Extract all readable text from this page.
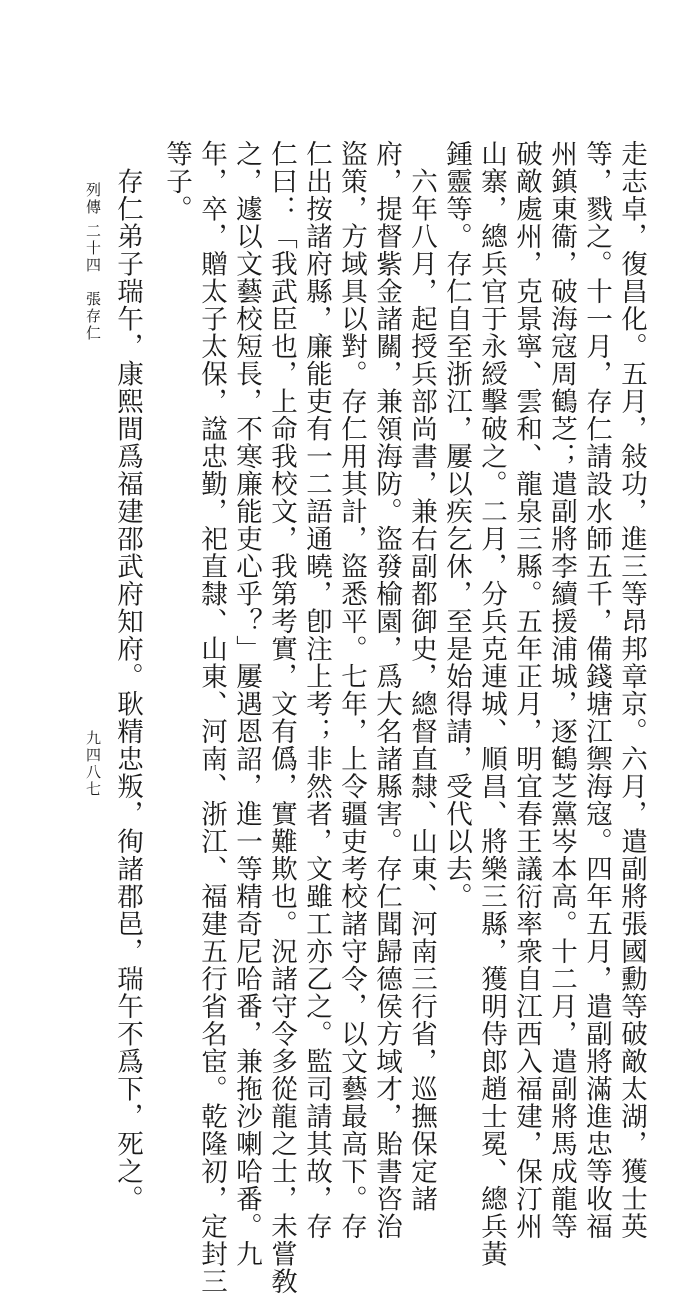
走志卓，復昌化。五月，敍功，進三等昂邦章京。六月，遣副將張國勳等破敵太湖，獲士英
等，戮之。十一月，存仁請設水師五千，備錢塘江禦海寇。四年五月，遣副將滿進忠等收福
州鎮東衞，破海寇周鶴芝；遣副將李續援浦城，逐鶴芝黨岑本高。十二月，遣副將馬成龍等
破敵處州，克景寧、雲和、龍泉三縣。五年正月，明宜春王議衍率衆自江西入福建，保汀州
山寨，總兵官于永綬擊破之。二月，分兵克連城、順昌、將樂三縣，獲明侍郎趙士冕、總兵黃
鍾靈等。存仁自至浙江，屢以疾乞休，至是始得請，受代以去。
　六年八月，起授兵部尚書，兼右副都御史，總督直隸、山東、河南三行省，巡撫保定諸
府，提督紫金諸關，兼領海防。盜發榆園，爲大名諸縣害。存仁聞歸德侯方域才，貽書咨治
盜策，方域具以對。存仁用其計，盜悉平。七年，上令疆吏考校諸守令，以文藝最高下。存
仁出按諸府縣，廉能吏有一二語通曉，卽注上考；非然者，文雖工亦乙之。監司請其故，存
仁曰：「我武臣也，上命我校文，我第考實，文有僞，實難欺也。況諸守令多從龍之士，未嘗敎
之，遽以文藝校短長，不寒廉能吏心乎？」屢遇恩詔，進一等精奇尼哈番，兼拖沙喇哈番。九
年，卒，贈太子太保，諡忠勤，祀直隸、山東、河南、浙江、福建五行省名宦。乾隆初，定封三
等子。
　存仁弟子瑞午，康熙間爲福建邵武府知府。耿精忠叛，徇諸郡邑，瑞午不爲下，死之。
列傳 二十四　張存仁
九四八七
